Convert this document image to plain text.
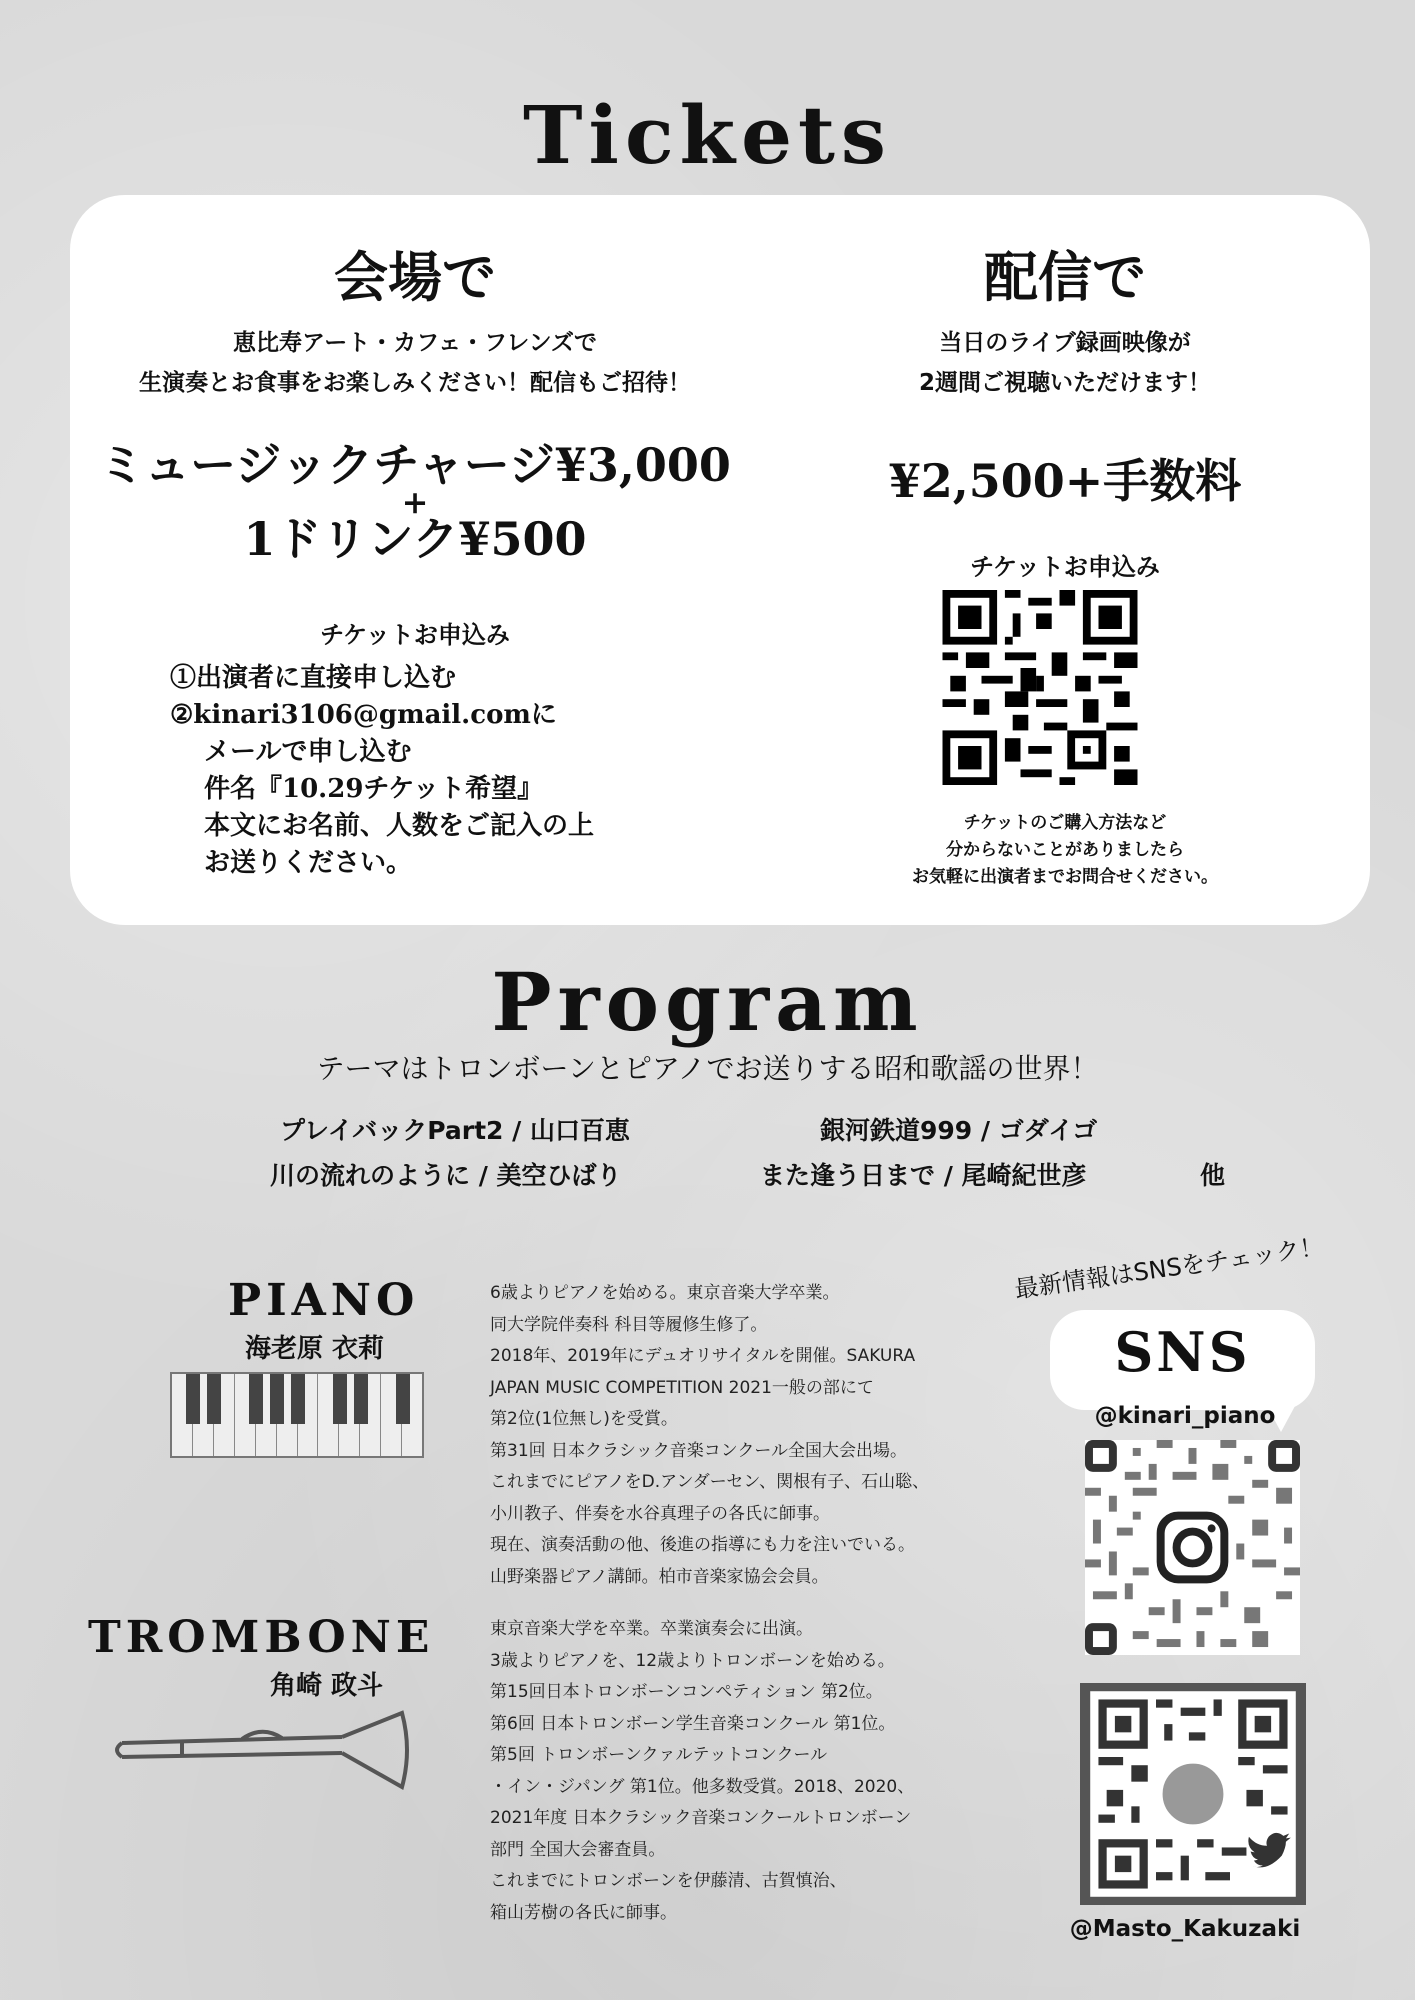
Tickets
会場で
恵比寿アート・カフェ・フレンズで
生演奏とお食事をお楽しみください！配信もご招待！
ミュージックチャージ¥3,000
+
1ドリンク¥500
チケットお申込み
①出演者に直接申し込む
②kinari3106@gmail.comに
メールで申し込む
件名『10.29チケット希望』
本文にお名前、人数をご記入の上
お送りください。
配信で
当日のライブ録画映像が
2週間ご視聴いただけます！
¥2,500+手数料
チケットお申込み
チケットのご購入方法など
分からないことがありましたら
お気軽に出演者までお問合せください。
Program
テーマはトロンボーンとピアノでお送りする昭和歌謡の世界！
プレイバックPart2 / 山口百恵
川の流れのように / 美空ひばり
銀河鉄道999 / ゴダイゴ
また逢う日まで / 尾崎紀世彦	他
PIANO
海老原 衣莉
6歳よりピアノを始める。東京音楽大学卒業。
同大学院伴奏科 科目等履修生修了。
2018年、2019年にデュオリサイタルを開催。SAKURA
JAPAN MUSIC COMPETITION 2021一般の部にて
第2位(1位無し)を受賞。
第31回 日本クラシック音楽コンクール全国大会出場。
これまでにピアノをD.アンダーセン、関根有子、石山聡、
小川教子、伴奏を水谷真理子の各氏に師事。
現在、演奏活動の他、後進の指導にも力を注いでいる。
山野楽器ピアノ講師。柏市音楽家協会会員。
TROMBONE
角崎 政斗
東京音楽大学を卒業。卒業演奏会に出演。
3歳よりピアノを、12歳よりトロンボーンを始める。
第15回日本トロンボーンコンペティション 第2位。
第6回 日本トロンボーン学生音楽コンクール 第1位。
第5回 トロンボーンクァルテットコンクール
・イン・ジパング 第1位。他多数受賞。2018、2020、
2021年度 日本クラシック音楽コンクールトロンボーン
部門 全国大会審査員。
これまでにトロンボーンを伊藤清、古賀慎治、
箱山芳樹の各氏に師事。
最新情報はSNSをチェック！
SNS
@kinari_piano
@Masto_Kakuzaki
